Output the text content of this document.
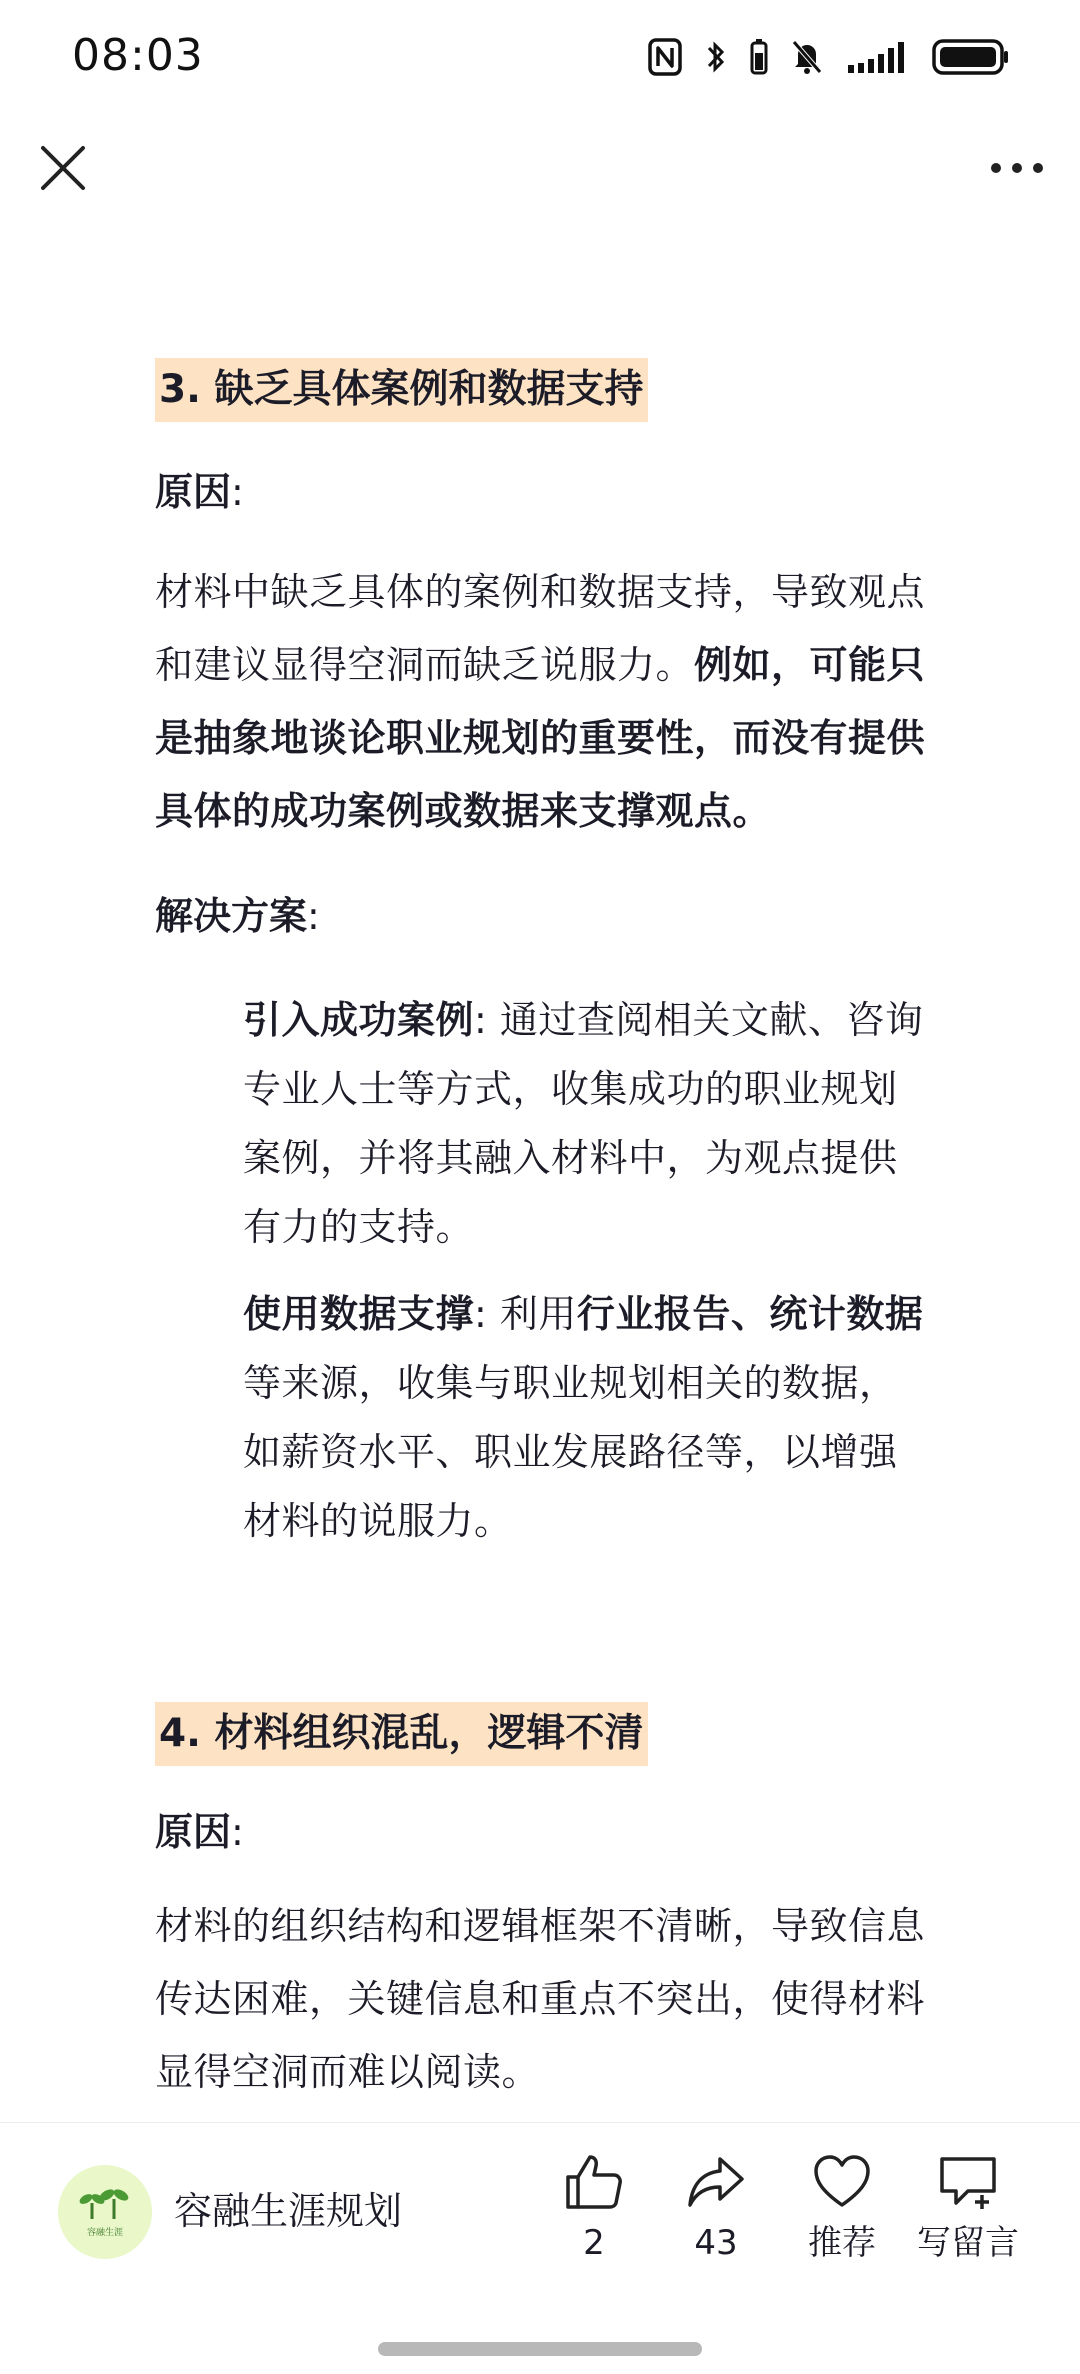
08:03
3. 缺乏具体案例和数据支持

原因:

材料中缺乏具体的案例和数据支持，导致观点和建议显得空洞而缺乏说服力。例如，可能只是抽象地谈论职业规划的重要性，而没有提供具体的成功案例或数据来支撑观点。

解决方案:

引入成功案例: 通过查阅相关文献、咨询专业人士等方式，收集成功的职业规划案例，并将其融入材料中，为观点提供有力的支持。
使用数据支撑: 利用行业报告、统计数据等来源，收集与职业规划相关的数据，如薪资水平、职业发展路径等，以增强材料的说服力。
4. 材料组织混乱，逻辑不清

原因:

材料的组织结构和逻辑框架不清晰，导致信息传达困难，关键信息和重点不突出，使得材料显得空洞而难以阅读。

容融生涯 容融生涯规划
2	43 推荐 写留言
